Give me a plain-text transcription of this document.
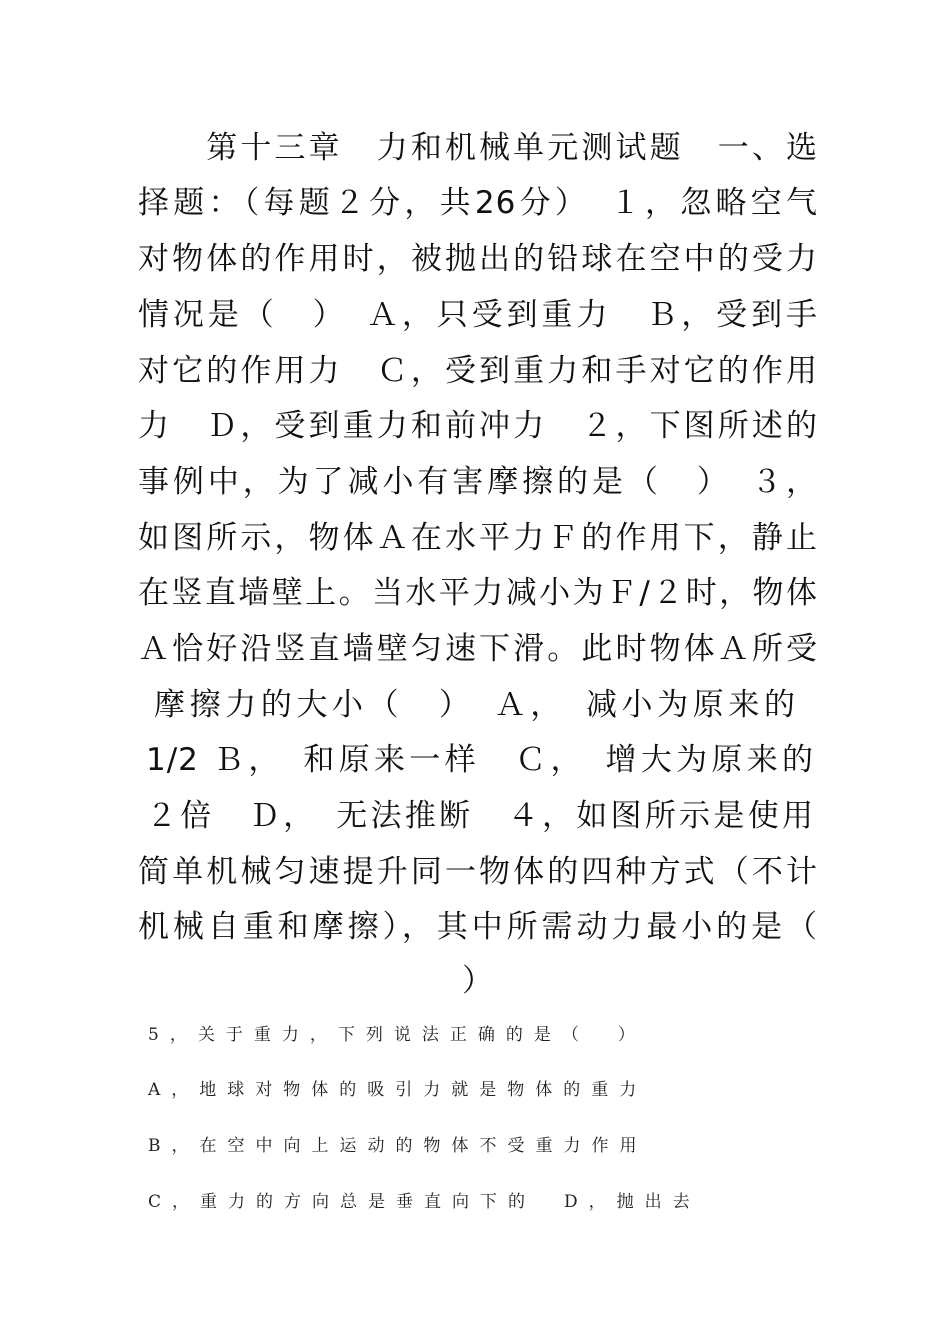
　　第十三章　力和机械单元测试题　一、选
择题：（每题２分，共26分）　１，忽略空气
对物体的作用时，被抛出的铅球在空中的受力
情况是（　）　Ａ，只受到重力　Ｂ，受到手
对它的作用力　Ｃ，受到重力和手对它的作用
力　Ｄ，受到重力和前冲力　２，下图所述的
事例中，为了减小有害摩擦的是（　）　３，
如图所示，物体Ａ在水平力Ｆ的作用下，静止
在竖直墙壁上。当水平力减小为Ｆ/２时，物体
Ａ恰好沿竖直墙壁匀速下滑。此时物体Ａ所受
摩擦力的大小（　）　Ａ，　减小为原来的
1/2 Ｂ，　和原来一样　Ｃ，　增大为原来的
２倍　Ｄ，　无法推断　４，如图所示是使用
简单机械匀速提升同一物体的四种方式（不计
机械自重和摩擦），其中所需动力最小的是（
）
5，关于重力，下列说法正确的是（　）
A，地球对物体的吸引力就是物体的重力
B，在空中向上运动的物体不受重力作用
C，重力的方向总是垂直向下的　D，抛出去
